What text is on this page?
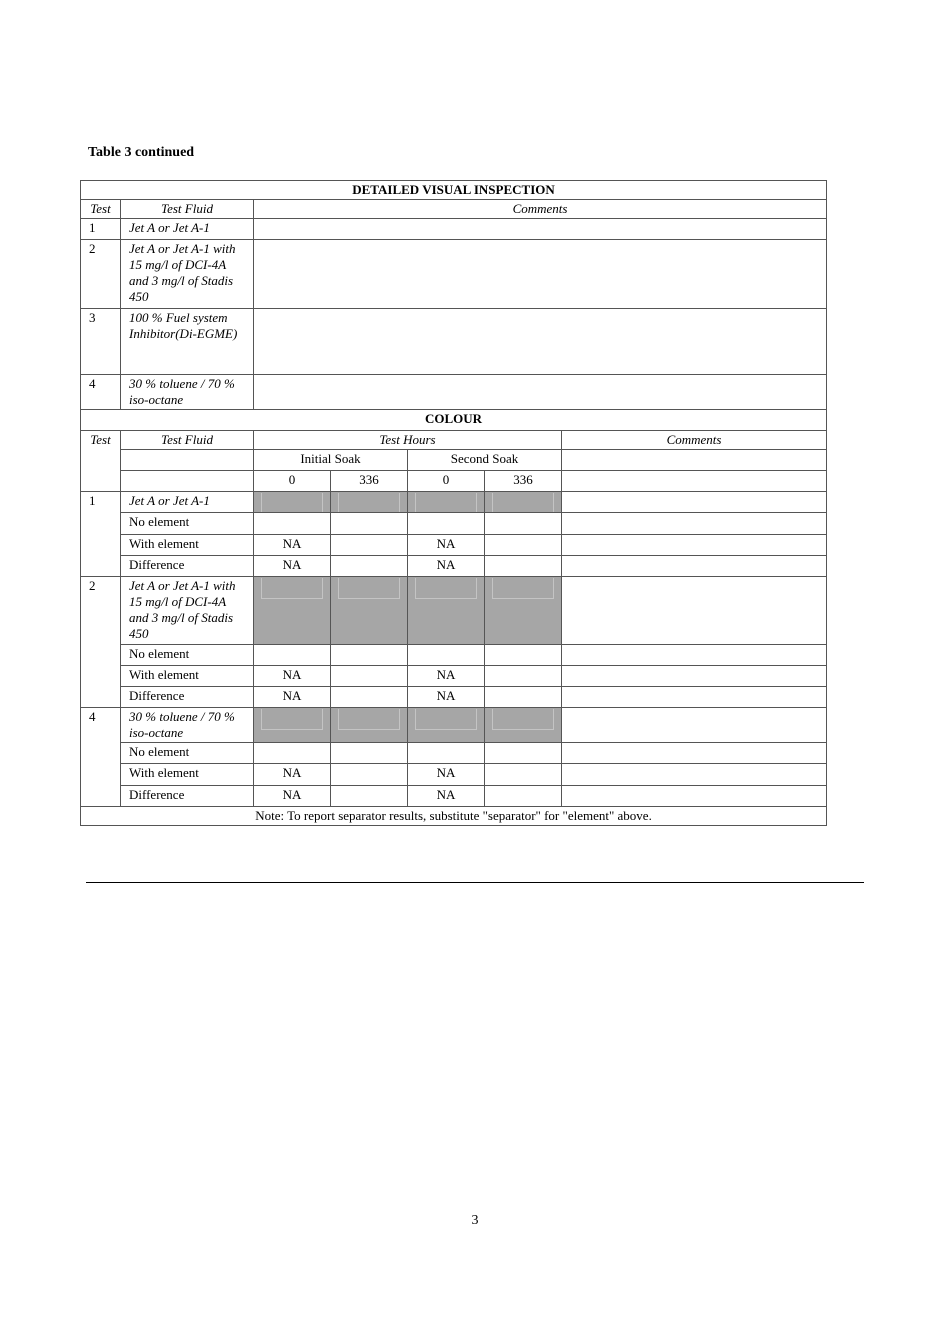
Table 3 continued
DETAILED VISUAL INSPECTION						
Test	Test Fluid	Comments				
1	Jet A or Jet A-1					
2	Jet A or Jet A-1 with 15 mg/l of DCI-4A and 3 mg/l of Stadis 450					
3	100 % Fuel system Inhibitor(Di-EGME)					
4	30 % toluene / 70 % iso-octane					
COLOUR						
Test	Test Fluid	Test Hours				Comments
		Initial Soak		Second Soak		
		0	336	0	336	
1	Jet A or Jet A-1					
	No element					
	With element	NA		NA		
	Difference	NA		NA		
2	Jet A or Jet A-1 with 15 mg/l of DCI-4A and 3 mg/l of Stadis 450					
	No element					
	With element	NA		NA		
	Difference	NA		NA		
4	30 % toluene / 70 % iso-octane					
	No element					
	With element	NA		NA		
	Difference	NA		NA		
Note: To report separator results, substitute "separator" for "element" above.						
3
